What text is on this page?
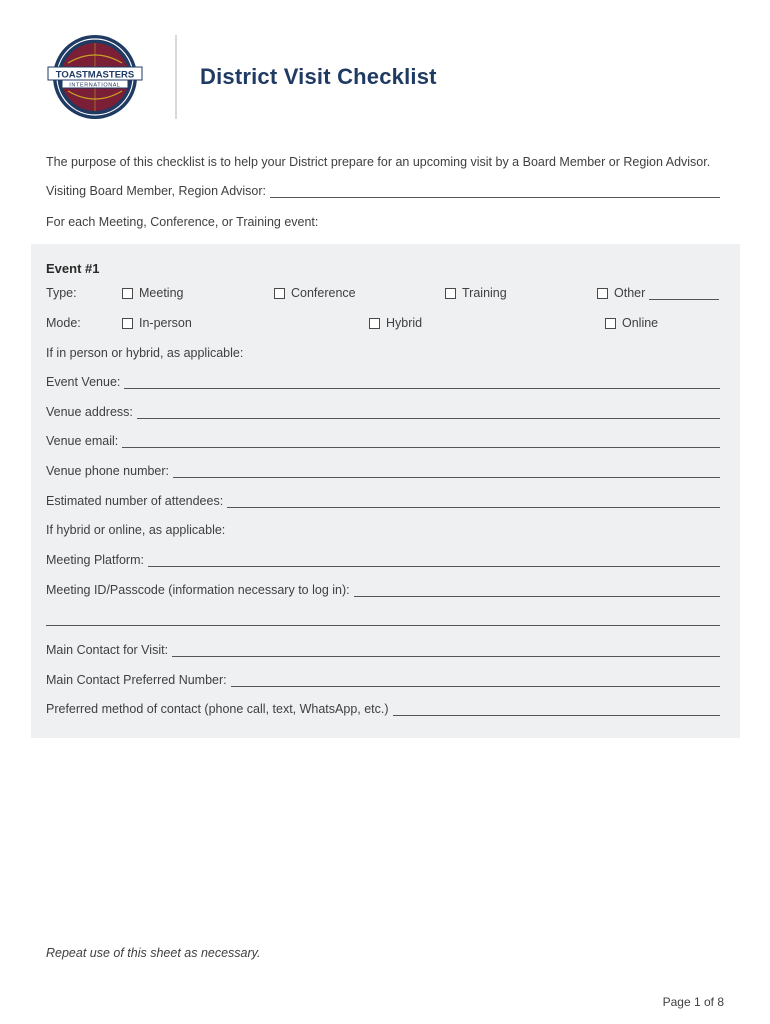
TOASTMASTERS
INTERNATIONAL	District Visit Checklist
The purpose of this checklist is to help your District prepare for an upcoming visit by a Board Member or Region Advisor.
Visiting Board Member, Region Advisor:
For each Meeting, Conference, or Training event:
Event #1
Type:	Meeting	Conference	Training	Other
Mode:	In-person	Hybrid	Online
If in person or hybrid, as applicable:
Event Venue:
Venue address:
Venue email:
Venue phone number:
Estimated number of attendees:
If hybrid or online, as applicable:
Meeting Platform:
Meeting ID/Passcode (information necessary to log in):
Main Contact for Visit:
Main Contact Preferred Number:
Preferred method of contact (phone call, text, WhatsApp, etc.)
Repeat use of this sheet as necessary.
Page 1 of 8
